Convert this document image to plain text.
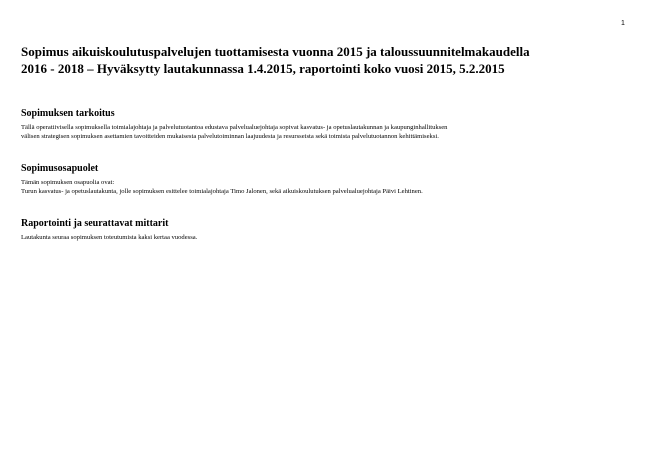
1
Sopimus aikuiskoulutuspalvelujen tuottamisesta vuonna 2015 ja taloussuunnitelmakaudella
2016 - 2018 – Hyväksytty lautakunnassa 1.4.2015, raportointi koko vuosi 2015, 5.2.2015
Sopimuksen tarkoitus

Tällä operatiivisella sopimuksella toimialajohtaja ja palvelutuotantoa edustava palvelualuejohtaja sopivat kasvatus- ja opetuslautakunnan ja kaupunginhallituksen
välisen strategisen sopimuksen asettamien tavoitteiden mukaisesta palvelutoiminnan laajuudesta ja resursseista sekä toimista palvelutuotannon kehittämiseksi.

Sopimusosapuolet

Tämän sopimuksen osapuolia ovat:
Turun kasvatus- ja opetuslautakunta, jolle sopimuksen esittelee toimialajohtaja Timo Jalonen, sekä aikuiskoulutuksen palvelualuejohtaja Päivi Lehtinen.

Raportointi ja seurattavat mittarit

Lautakunta seuraa sopimuksen toteutumista kaksi kertaa vuodessa.
